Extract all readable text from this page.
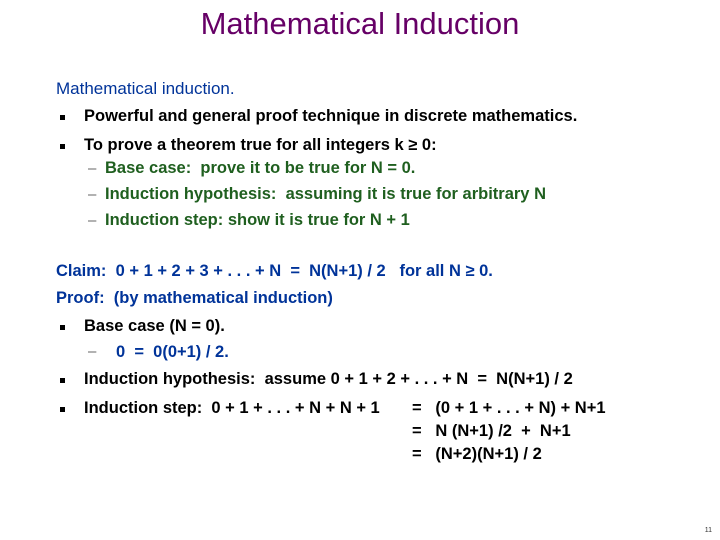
Mathematical Induction
Mathematical induction.
Powerful and general proof technique in discrete mathematics.
To prove a theorem true for all integers k ≥ 0:
– Base case:  prove it to be true for N = 0.
– Induction hypothesis:  assuming it is true for arbitrary N
– Induction step: show it is true for N + 1
Claim:  0 + 1 + 2 + 3 + . . . + N  =  N(N+1) / 2   for all N ≥ 0.
Proof:  (by mathematical induction)
Base case (N = 0).
– 0  =  0(0+1) / 2.
Induction hypothesis:  assume 0 + 1 + 2 + . . . + N  =  N(N+1) / 2
Induction step:  0 + 1 + . . . + N + N + 1 =   (0 + 1 + . . . + N) + N+1
=   N (N+1) /2  +  N+1
=   (N+2)(N+1) / 2
11
